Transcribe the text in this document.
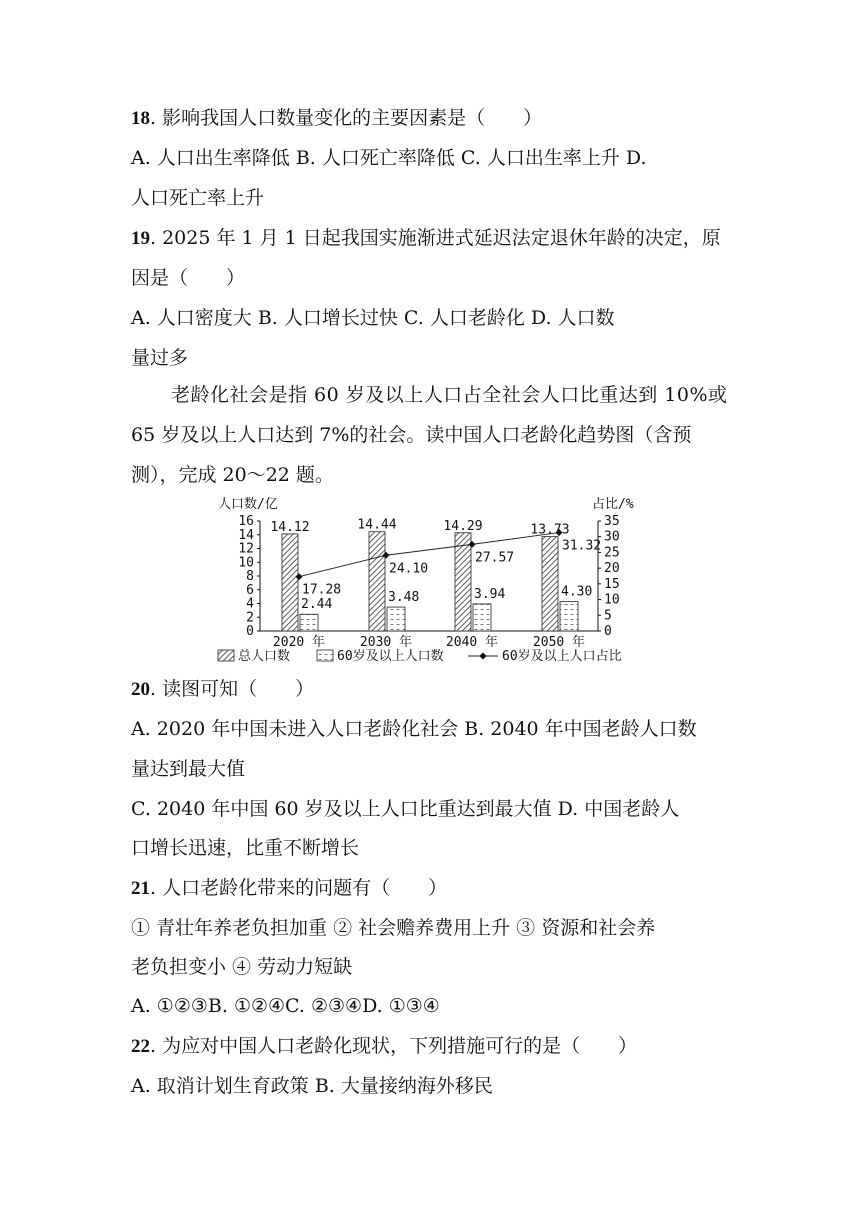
18. 影响我国人口数量变化的主要因素是（　　）
A. 人口出生率降低 B. 人口死亡率降低 C. 人口出生率上升 D.
人口死亡率上升
19. 2025 年 1 月 1 日起我国实施渐进式延迟法定退休年龄的决定，原
因是（　　）
A. 人口密度大 B. 人口增长过快 C. 人口老龄化 D. 人口数
量过多
老龄化社会是指 60 岁及以上人口占全社会人口比重达到 10%或
65 岁及以上人口达到 7%的社会。读中国人口老龄化趋势图（含预
测），完成 20～22 题。
人口数/亿	占比/%
0
2
4
6
8
10
12
14
16
0
5
10
15
20
25
30
35
2020 年	2030 年	2040 年	2050 年
14.12
2.44
14.44
3.48
14.29
3.94
13.73
4.30
17.28
24.10
27.57
31.32
总人口数	60岁及以上人口数	60岁及以上人口占比
20. 读图可知（　　）
A. 2020 年中国未进入人口老龄化社会 B. 2040 年中国老龄人口数
量达到最大值
C. 2040 年中国 60 岁及以上人口比重达到最大值 D. 中国老龄人
口增长迅速，比重不断增长
21. 人口老龄化带来的问题有（　　）
① 青壮年养老负担加重 ② 社会赡养费用上升 ③ 资源和社会养
老负担变小 ④ 劳动力短缺
A. ①②③B. ①②④C. ②③④D. ①③④
22. 为应对中国人口老龄化现状，下列措施可行的是（　　）
A. 取消计划生育政策 B. 大量接纳海外移民
